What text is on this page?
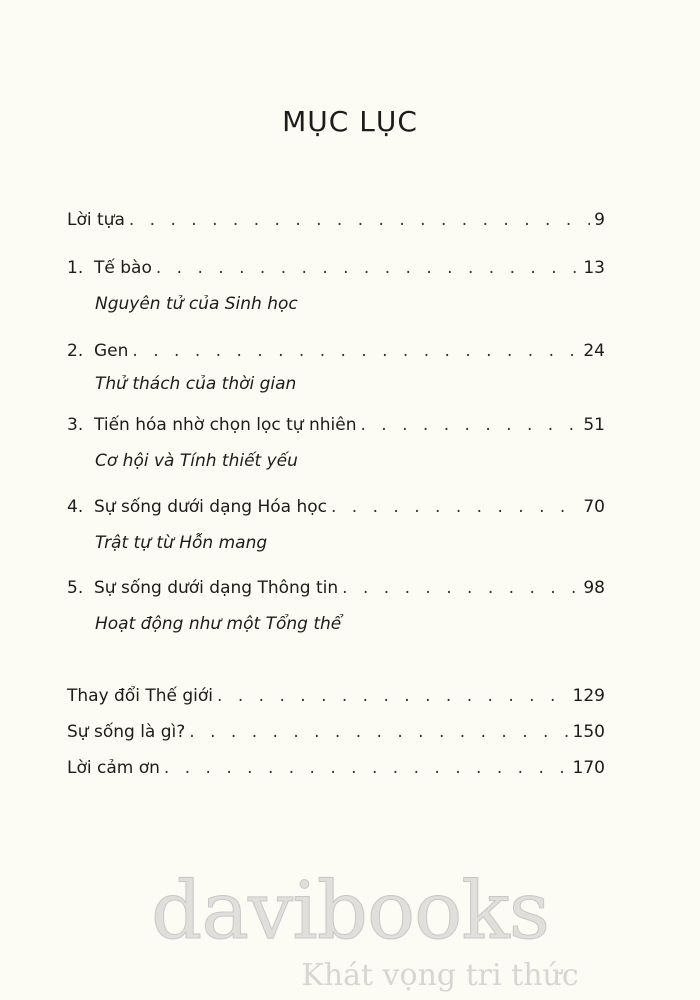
MỤC LỤC
Lời tựa . . .	9
1. Tế bào . . .	13
Nguyên tử của Sinh học
2. Gen . . .	24
Thử thách của thời gian
3. Tiến hóa nhờ chọn lọc tự nhiên . . .	51
Cơ hội và Tính thiết yếu
4. Sự sống dưới dạng Hóa học . . .	70
Trật tự từ Hỗn mang
5. Sự sống dưới dạng Thông tin . . .	98
Hoạt động như một Tổng thể
Thay đổi Thế giới . . .	129
Sự sống là gì? . . .	150
Lời cảm ơn . . .	170
davibooks
Khát vọng tri thức
